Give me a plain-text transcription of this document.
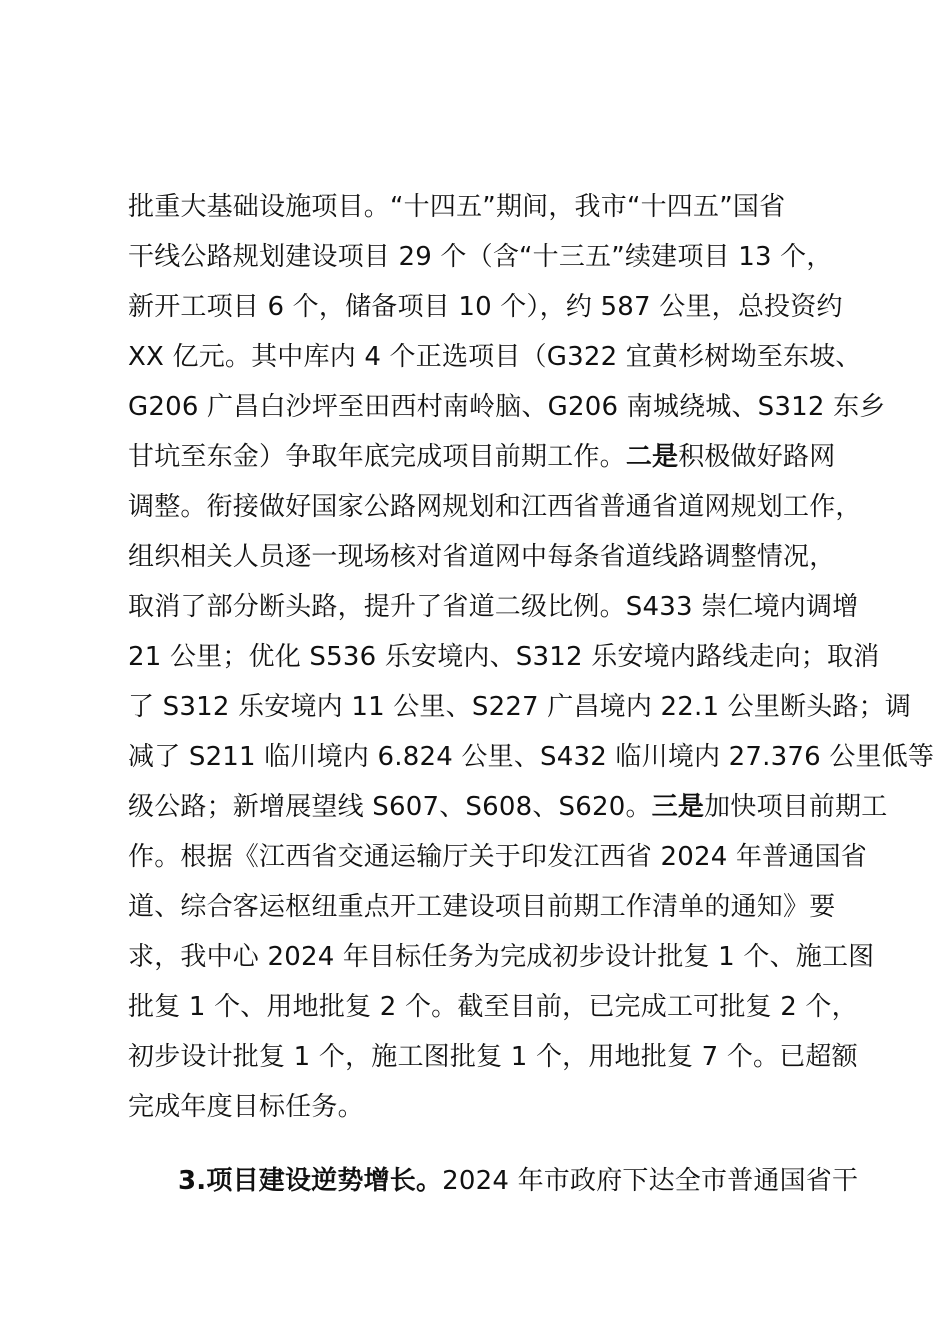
批重大基础设施项目。“十四五”期间，我市“十四五”国省
干线公路规划建设项目 29 个（含“十三五”续建项目 13 个，
新开工项目 6 个，储备项目 10 个），约 587 公里，总投资约
XX 亿元。其中库内 4 个正选项目（G322 宜黄杉树坳至东坡、
G206 广昌白沙坪至田西村南岭脑、G206 南城绕城、S312 东乡
甘坑至东金）争取年底完成项目前期工作。二是积极做好路网
调整。衔接做好国家公路网规划和江西省普通省道网规划工作，
组织相关人员逐一现场核对省道网中每条省道线路调整情况，
取消了部分断头路，提升了省道二级比例。S433 崇仁境内调增
21 公里；优化 S536 乐安境内、S312 乐安境内路线走向；取消
了 S312 乐安境内 11 公里、S227 广昌境内 22.1 公里断头路；调
减了 S211 临川境内 6.824 公里、S432 临川境内 27.376 公里低等
级公路；新增展望线 S607、S608、S620。三是加快项目前期工
作。根据《江西省交通运输厅关于印发江西省 2024 年普通国省
道、综合客运枢纽重点开工建设项目前期工作清单的通知》要
求，我中心 2024 年目标任务为完成初步设计批复 1 个、施工图
批复 1 个、用地批复 2 个。截至目前，已完成工可批复 2 个，
初步设计批复 1 个，施工图批复 1 个，用地批复 7 个。已超额
完成年度目标任务。
3.项目建设逆势增长。2024 年市政府下达全市普通国省干
